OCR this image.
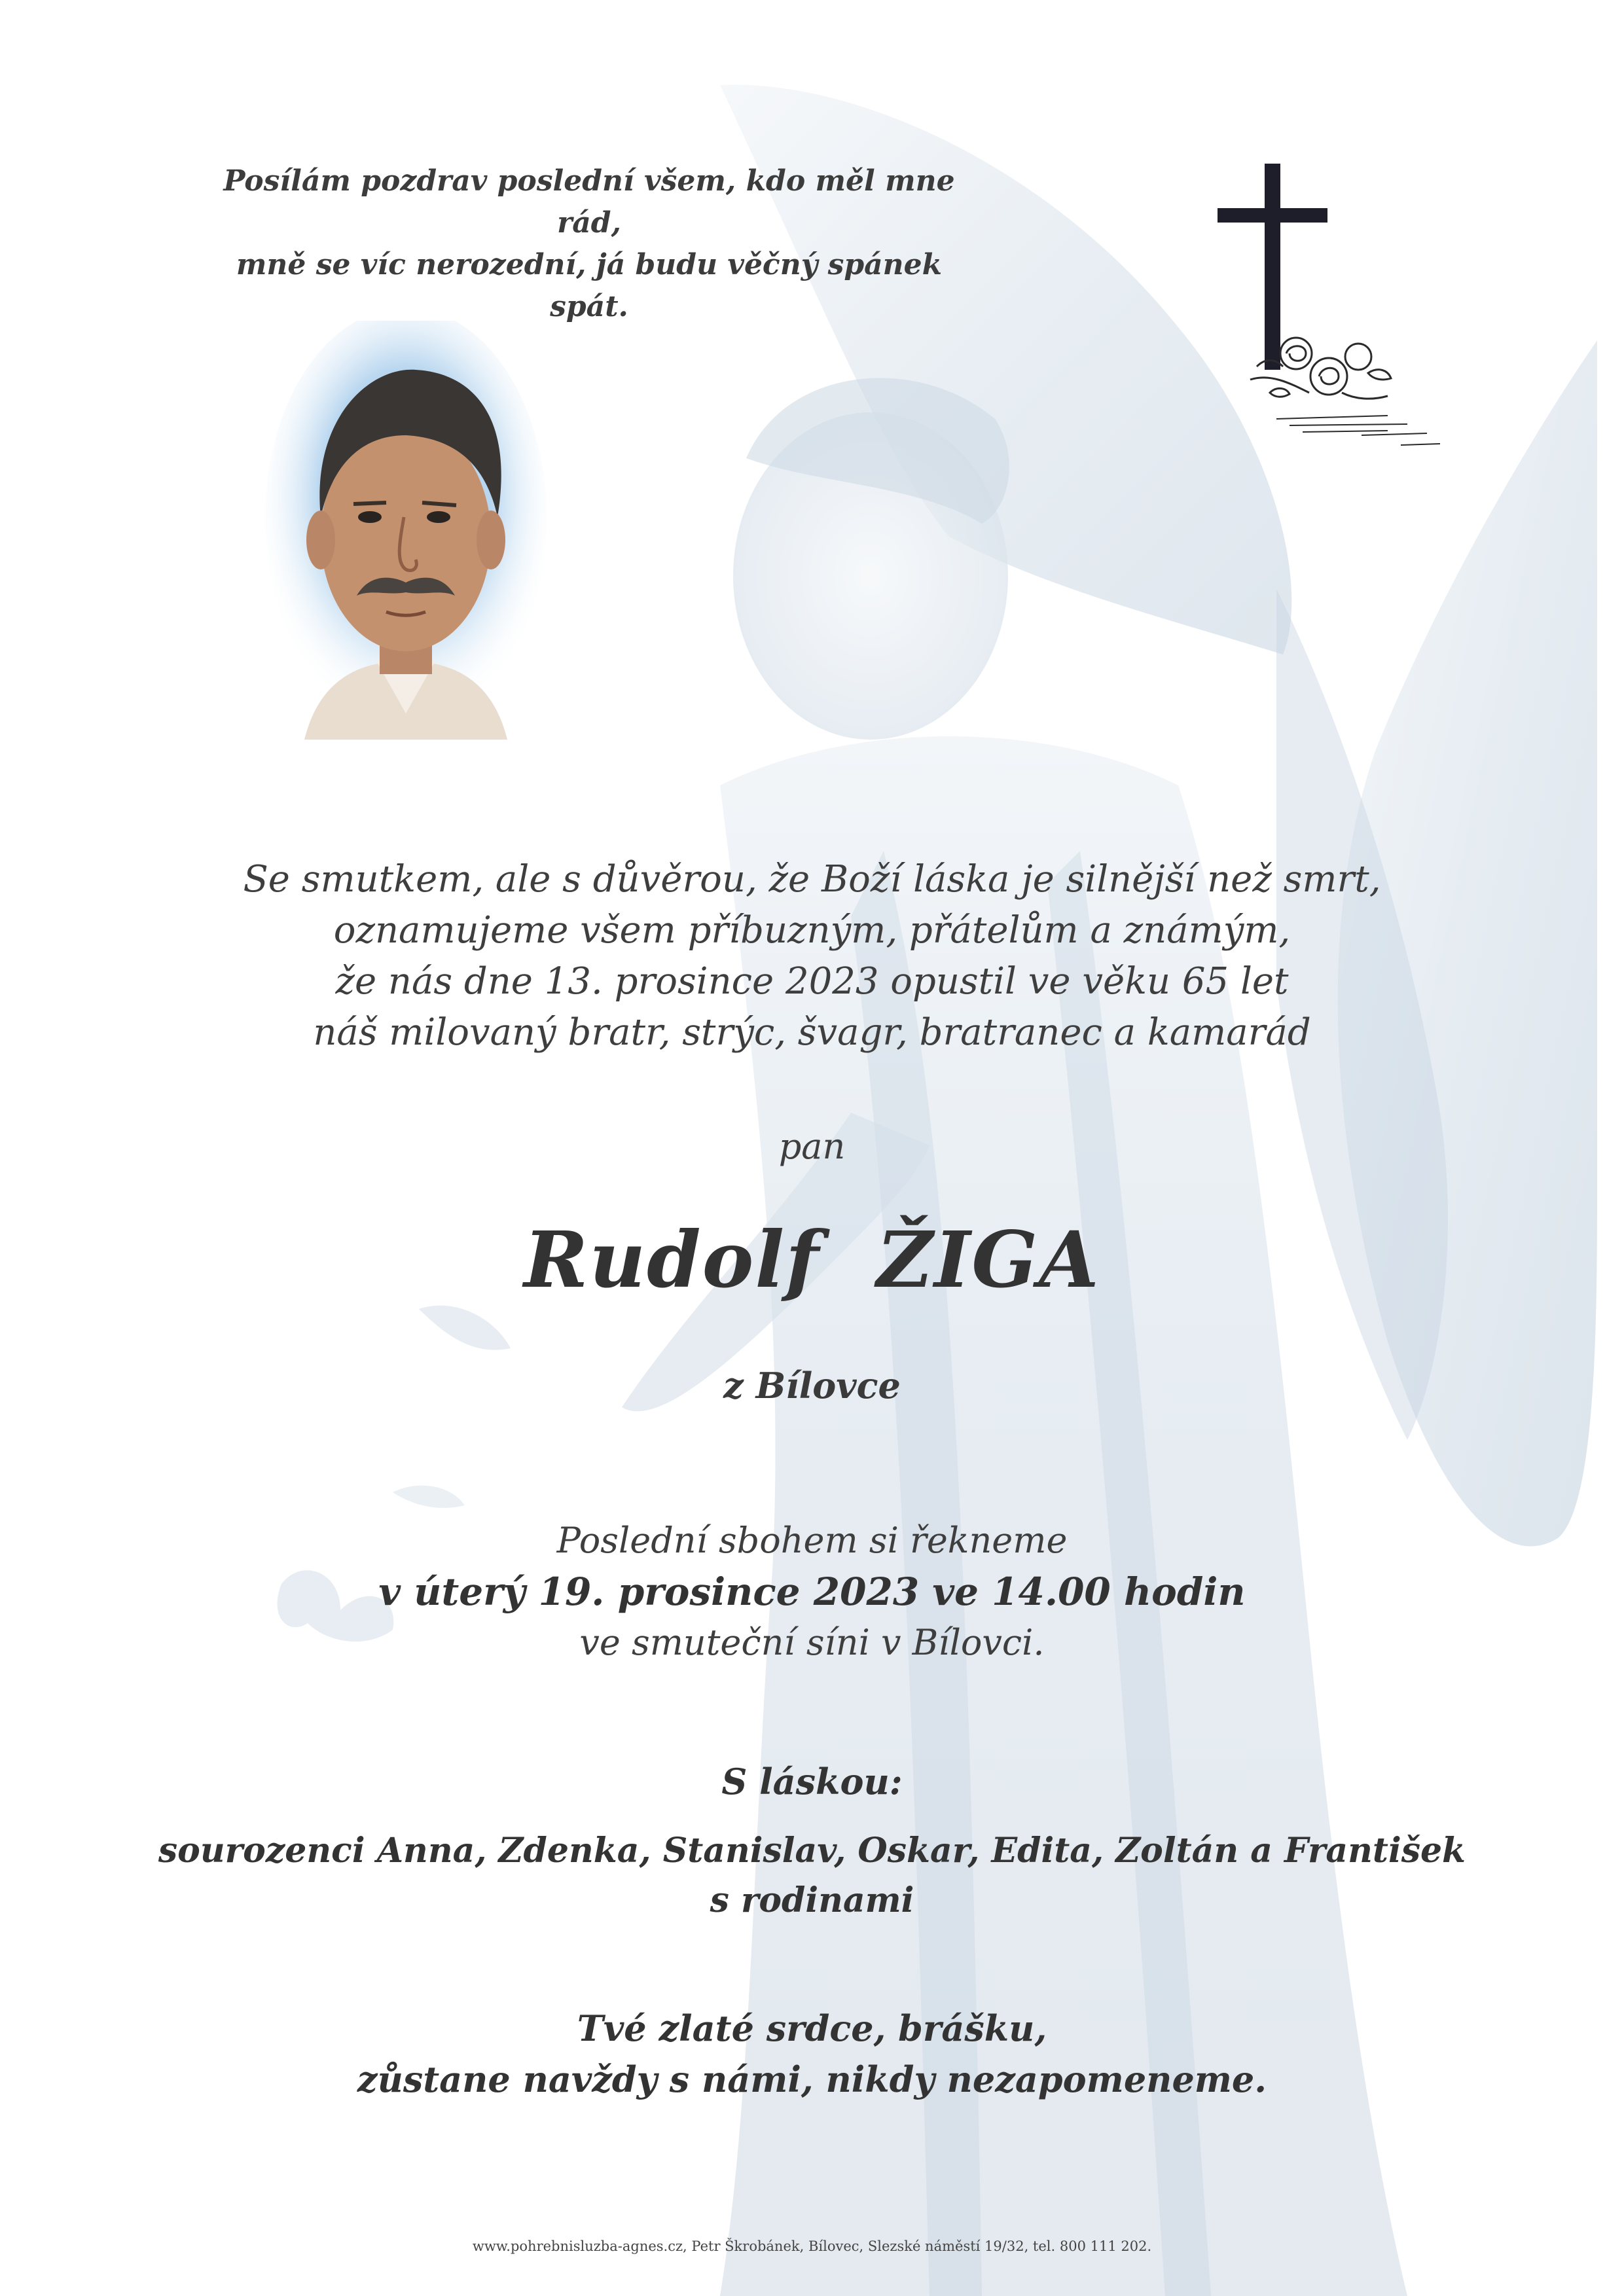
Posílám pozdrav poslední všem, kdo měl mne rád,
mně se víc nerozední, já budu věčný spánek spát.
Se smutkem, ale s důvěrou, že Boží láska je silnější než smrt,
oznamujeme všem příbuzným, přátelům a známým,
že nás dne 13. prosince 2023 opustil ve věku 65 let
náš milovaný bratr, strýc, švagr, bratranec a kamarád
pan
Rudolf  ŽIGA
z Bílovce
Poslední sbohem si řekneme
v úterý 19. prosince 2023 ve 14.00 hodin
ve smuteční síni v Bílovci.
S láskou:
sourozenci Anna, Zdenka, Stanislav, Oskar, Edita, Zoltán a František
s rodinami
Tvé zlaté srdce, brášku,
zůstane navždy s námi, nikdy nezapomeneme.
www.pohrebnisluzba-agnes.cz, Petr Škrobánek, Bílovec, Slezské náměstí 19/32, tel. 800 111 202.
